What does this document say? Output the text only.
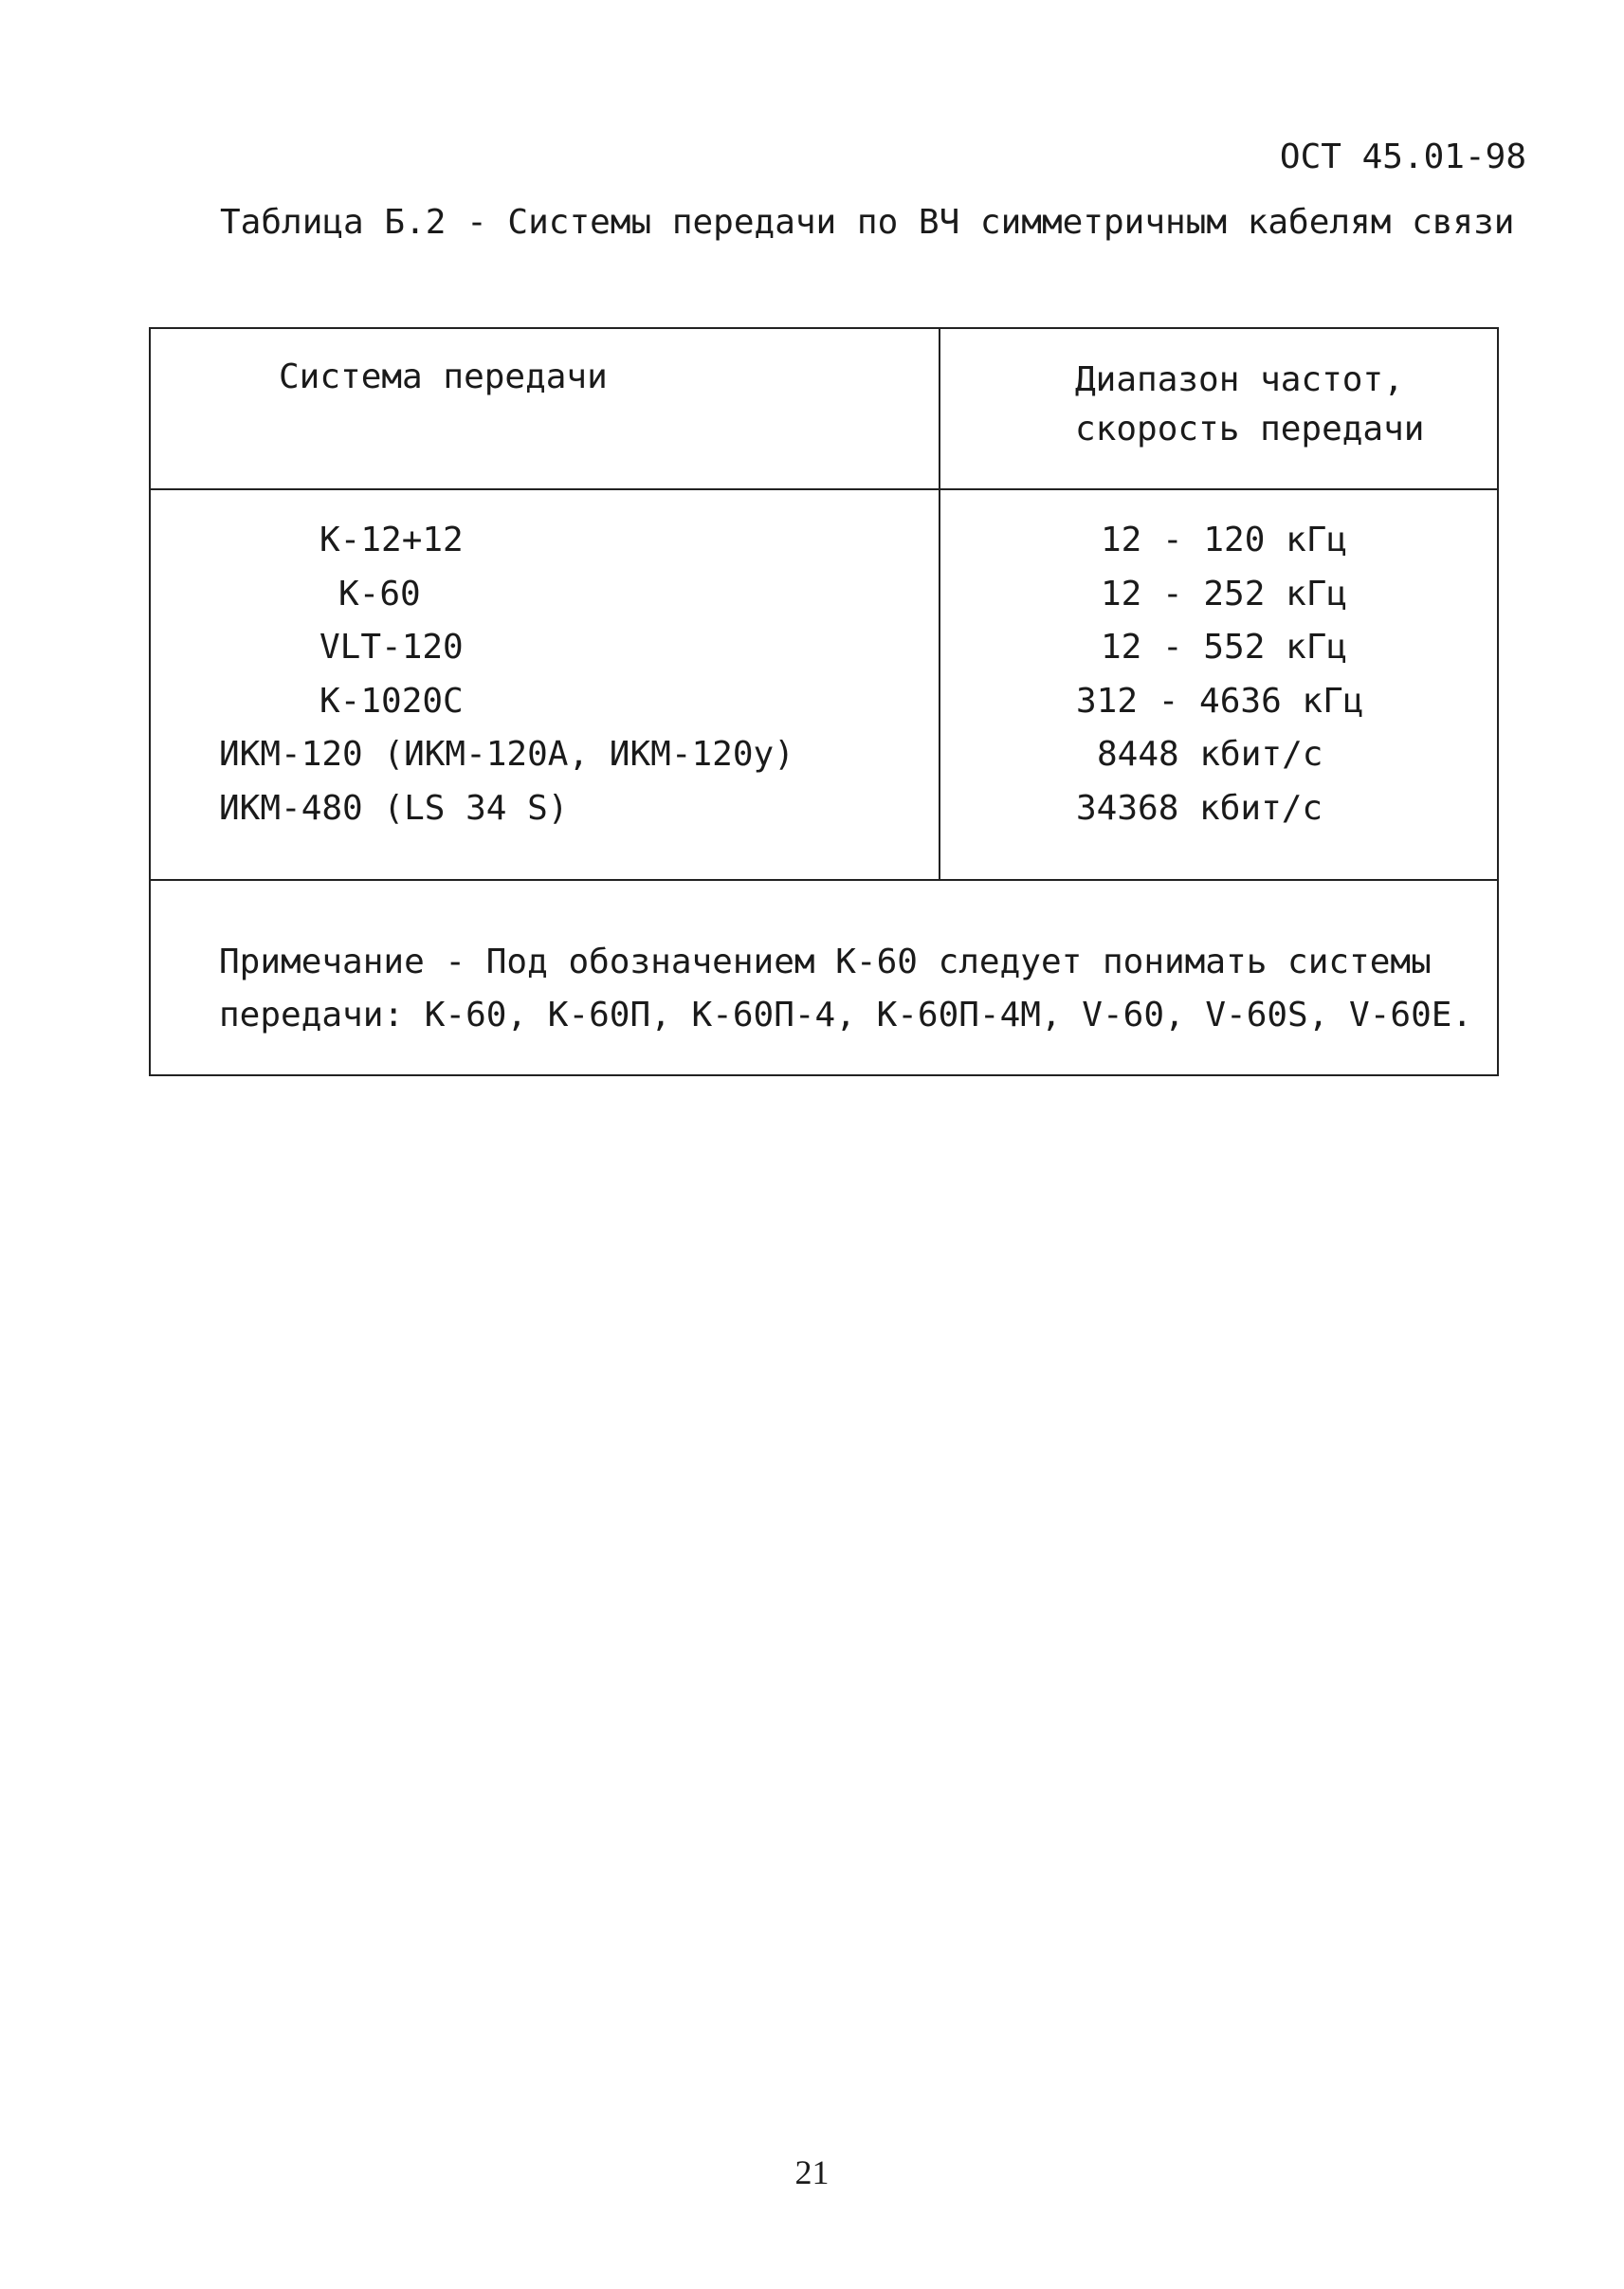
ОСТ 45.01-98
Таблица Б.2 - Системы передачи по ВЧ симметричным кабелям связи
Система передачи	Диапазон частот,
скорость передачи
К-12+12
К-60
VLT-120
К-1020С
ИКМ-120 (ИКМ-120А, ИКМ-120у)
ИКМ-480 (LS 34 S)
12 - 120 кГц
12 - 252 кГц
12 - 552 кГц
312 - 4636 кГц
8448 кбит/с
34368 кбит/с
Примечание - Под обозначением К-60 следует понимать системы
передачи: К-60, К-60П, К-60П-4, К-60П-4М, V-60, V-60S, V-60E.
21
